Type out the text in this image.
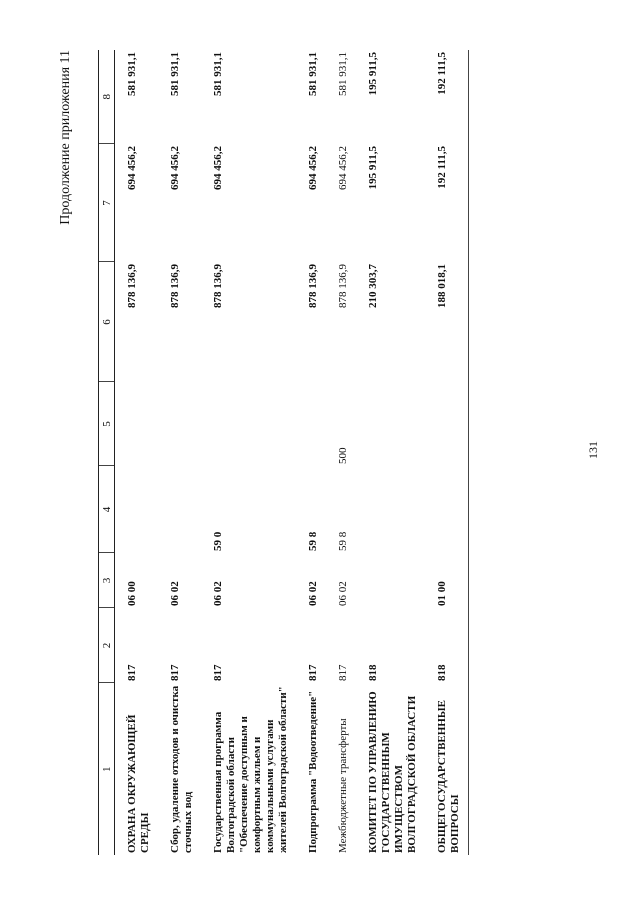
131
Продолжение приложения 11
1	2	3	4	5	6	7	8
ОХРАНА ОКРУЖАЮЩЕЙ СРЕДЫ	817	06 00			878 136,9	694 456,2	581 931,1
Сбор, удаление отходов и очистка сточных вод	817	06 02			878 136,9	694 456,2	581 931,1
Государственная программа Волгоградской области "Обеспечение доступным и комфортным жильем и коммунальными услугами жителей Волгоградской области"	817	06 02	59 0		878 136,9	694 456,2	581 931,1
Подпрограмма "Водоотведение"	817	06 02	59 8		878 136,9	694 456,2	581 931,1
Межбюджетные трансферты	817	06 02	59 8	500	878 136,9	694 456,2	581 931,1
КОМИТЕТ ПО УПРАВЛЕНИЮ ГОСУДАРСТВЕННЫМ ИМУЩЕСТВОМ ВОЛГОГРАДСКОЙ ОБЛАСТИ	818				210 303,7	195 911,5	195 911,5
ОБЩЕГОСУДАРСТВЕННЫЕ ВОПРОСЫ	818	01 00			188 018,1	192 111,5	192 111,5
